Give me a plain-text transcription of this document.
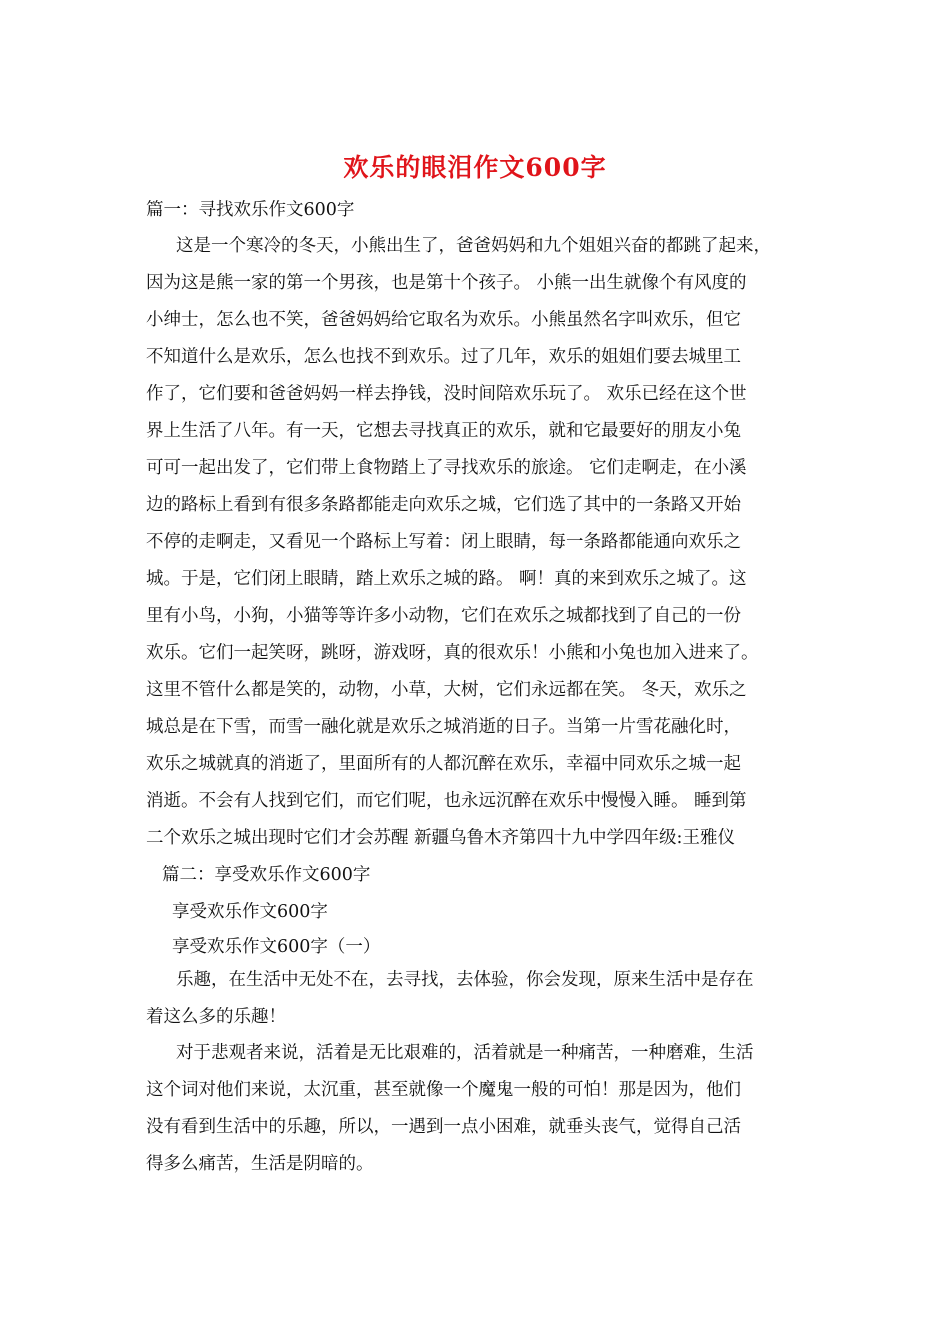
欢乐的眼泪作文600字
篇一：寻找欢乐作文600字
这是一个寒冷的冬天，小熊出生了，爸爸妈妈和九个姐姐兴奋的都跳了起来，
因为这是熊一家的第一个男孩，也是第十个孩子。 小熊一出生就像个有风度的
小绅士，怎么也不笑，爸爸妈妈给它取名为欢乐。小熊虽然名字叫欢乐，但它
不知道什么是欢乐，怎么也找不到欢乐。过了几年，欢乐的姐姐们要去城里工
作了，它们要和爸爸妈妈一样去挣钱，没时间陪欢乐玩了。 欢乐已经在这个世
界上生活了八年。有一天，它想去寻找真正的欢乐，就和它最要好的朋友小兔
可可一起出发了，它们带上食物踏上了寻找欢乐的旅途。 它们走啊走，在小溪
边的路标上看到有很多条路都能走向欢乐之城，它们选了其中的一条路又开始
不停的走啊走，又看见一个路标上写着：闭上眼睛，每一条路都能通向欢乐之
城。于是，它们闭上眼睛，踏上欢乐之城的路。 啊！真的来到欢乐之城了。这
里有小鸟，小狗，小猫等等许多小动物，它们在欢乐之城都找到了自己的一份
欢乐。它们一起笑呀，跳呀，游戏呀，真的很欢乐！小熊和小兔也加入进来了。
这里不管什么都是笑的，动物，小草，大树，它们永远都在笑。 冬天，欢乐之
城总是在下雪，而雪一融化就是欢乐之城消逝的日子。当第一片雪花融化时，
欢乐之城就真的消逝了，里面所有的人都沉醉在欢乐，幸福中同欢乐之城一起
消逝。不会有人找到它们，而它们呢，也永远沉醉在欢乐中慢慢入睡。 睡到第
二个欢乐之城出现时它们才会苏醒 新疆乌鲁木齐第四十九中学四年级:王雅仪
篇二：享受欢乐作文600字
享受欢乐作文600字
享受欢乐作文600字（一）
乐趣，在生活中无处不在，去寻找，去体验，你会发现，原来生活中是存在
着这么多的乐趣！
对于悲观者来说，活着是无比艰难的，活着就是一种痛苦，一种磨难，生活
这个词对他们来说，太沉重，甚至就像一个魔鬼一般的可怕！那是因为，他们
没有看到生活中的乐趣，所以，一遇到一点小困难，就垂头丧气，觉得自己活
得多么痛苦，生活是阴暗的。
